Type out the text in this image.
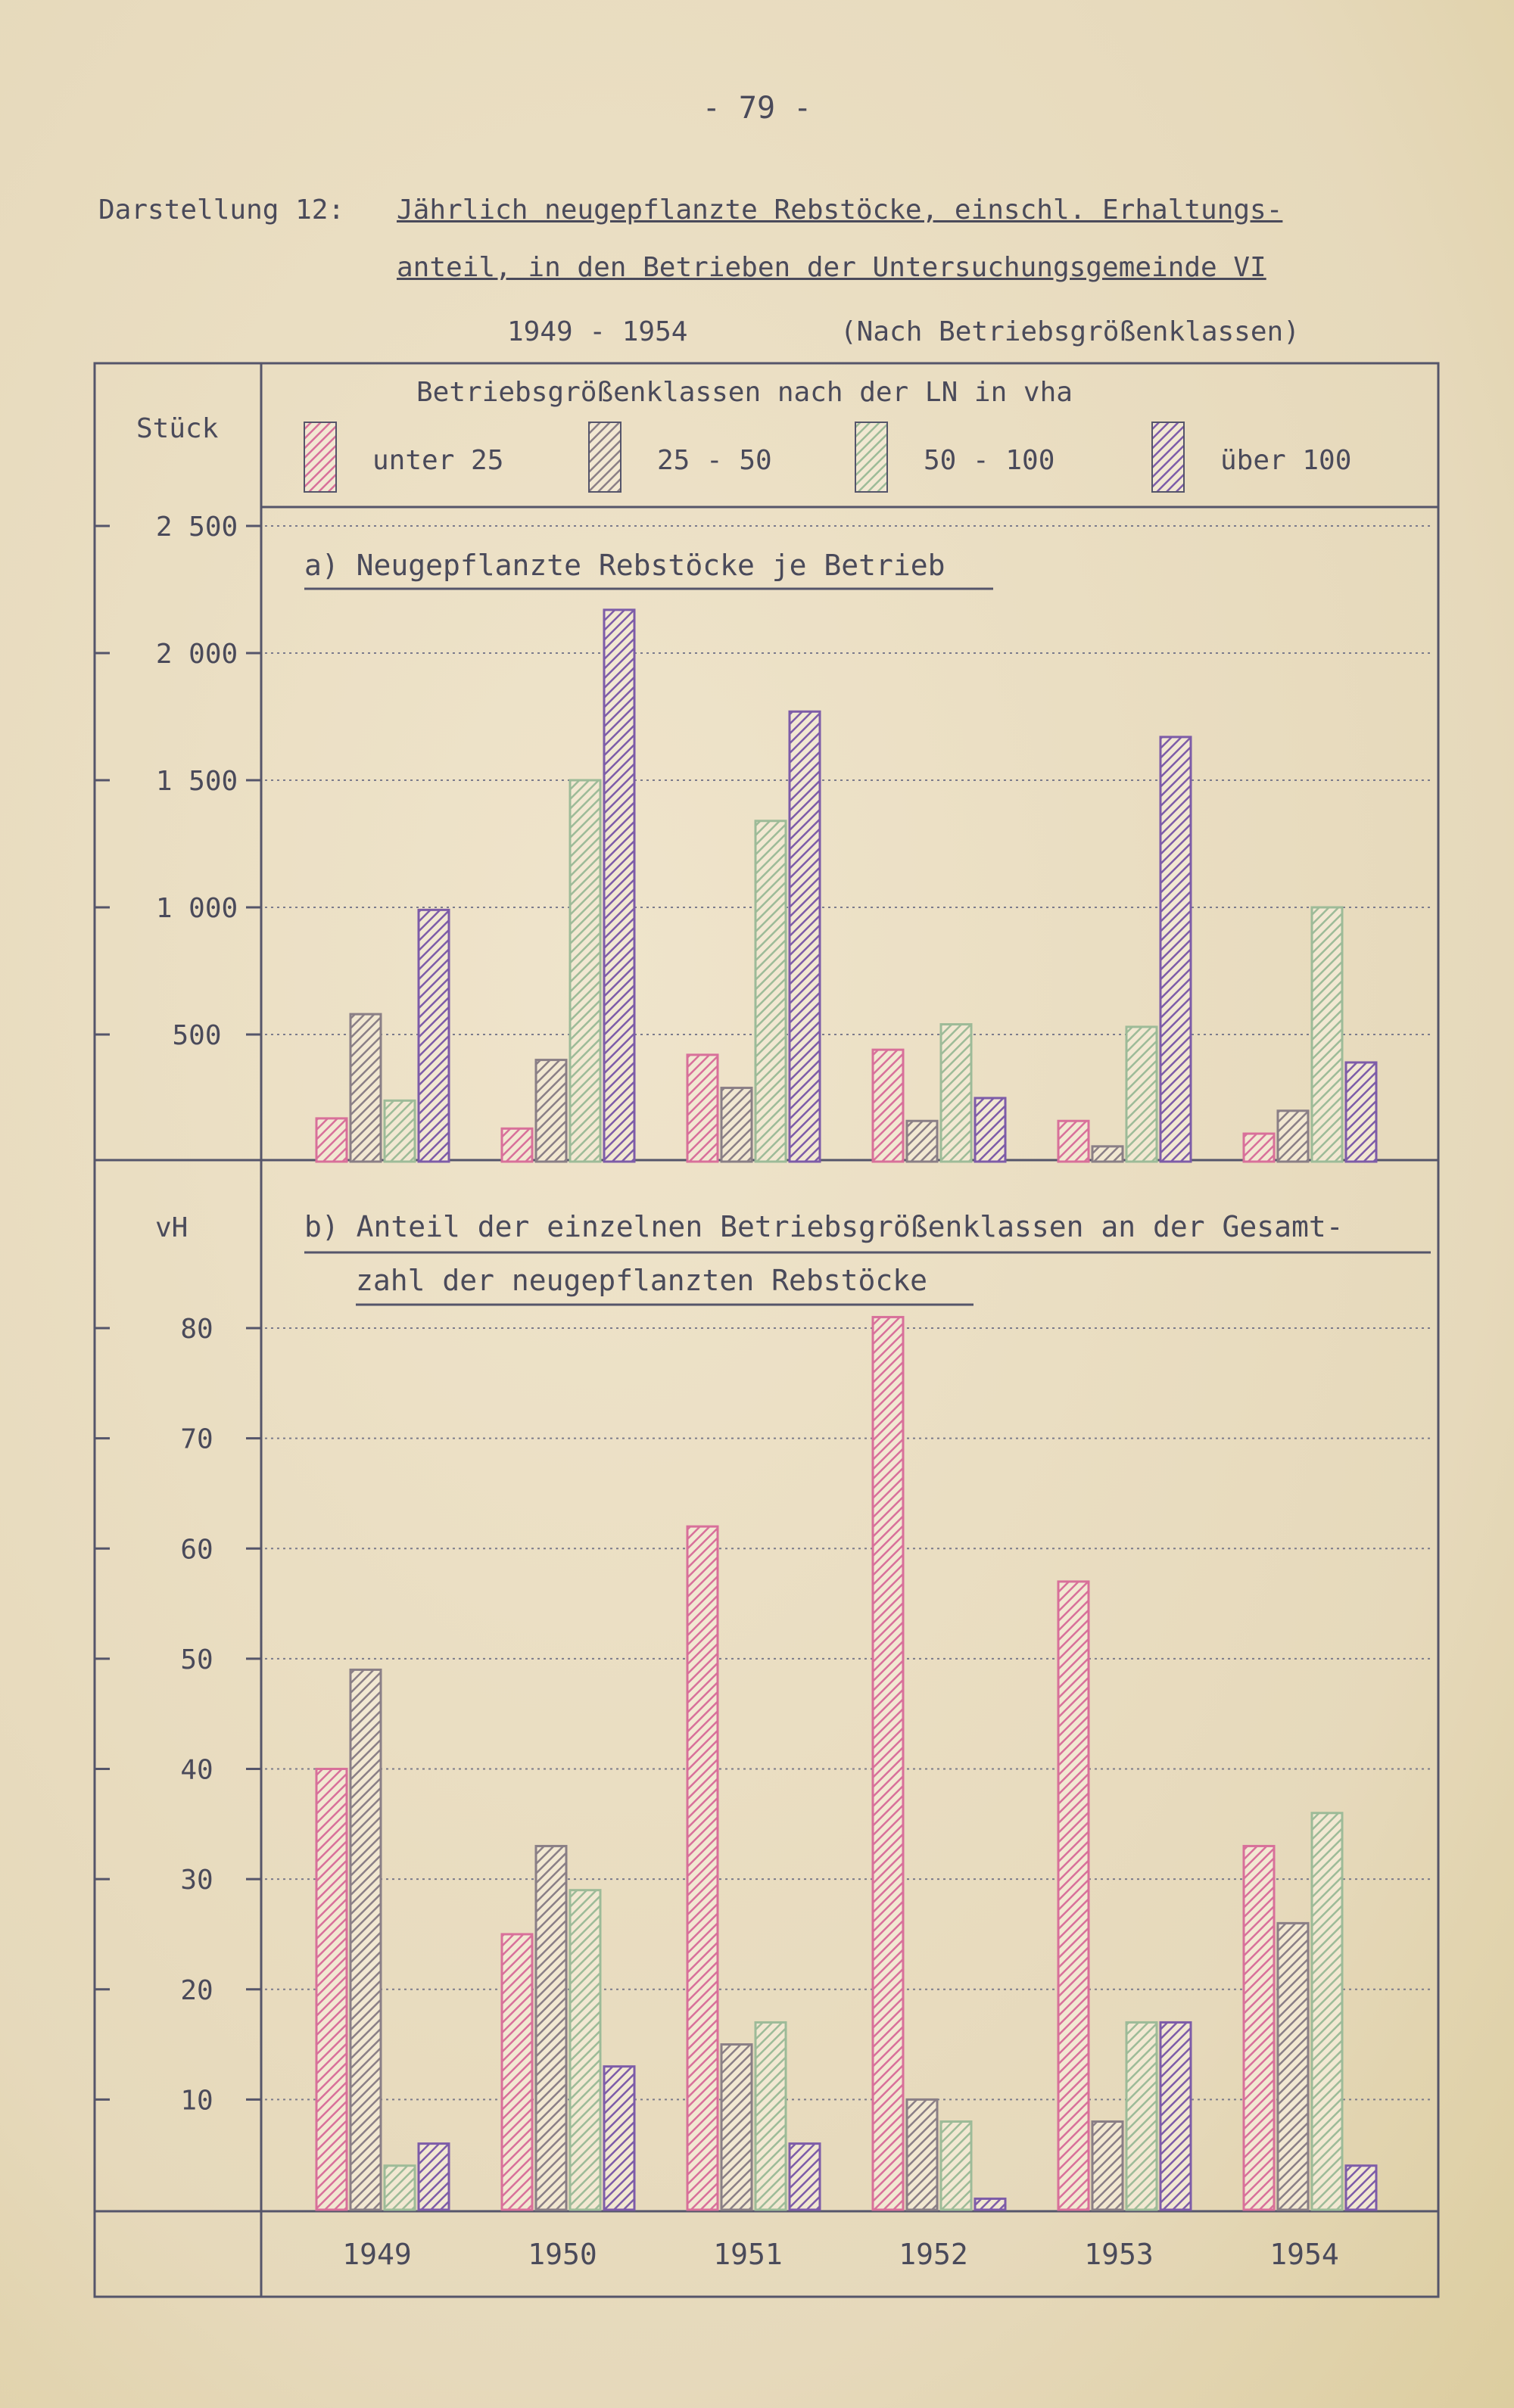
- 79 -
Darstellung 12: Jährlich neugepflanzte Rebstöcke, einschl. Erhaltungs-
anteil, in den Betrieben der Untersuchungsgemeinde VI
1949 - 1954	(Nach Betriebsgrößenklassen)
Betriebsgrößenklassen nach der LN in vha
Stück
unter 25	25 - 50	50 - 100	über 100
a) Neugepflanzte Rebstöcke je Betrieb
500
1 000
1 500
2 000
2 500
vH	b) Anteil der einzelnen Betriebsgrößenklassen an der Gesamt-
zahl der neugepflanzten Rebstöcke
10
20
30
40
50
60
70
80
1949	1950	1951	1952	1953	1954
